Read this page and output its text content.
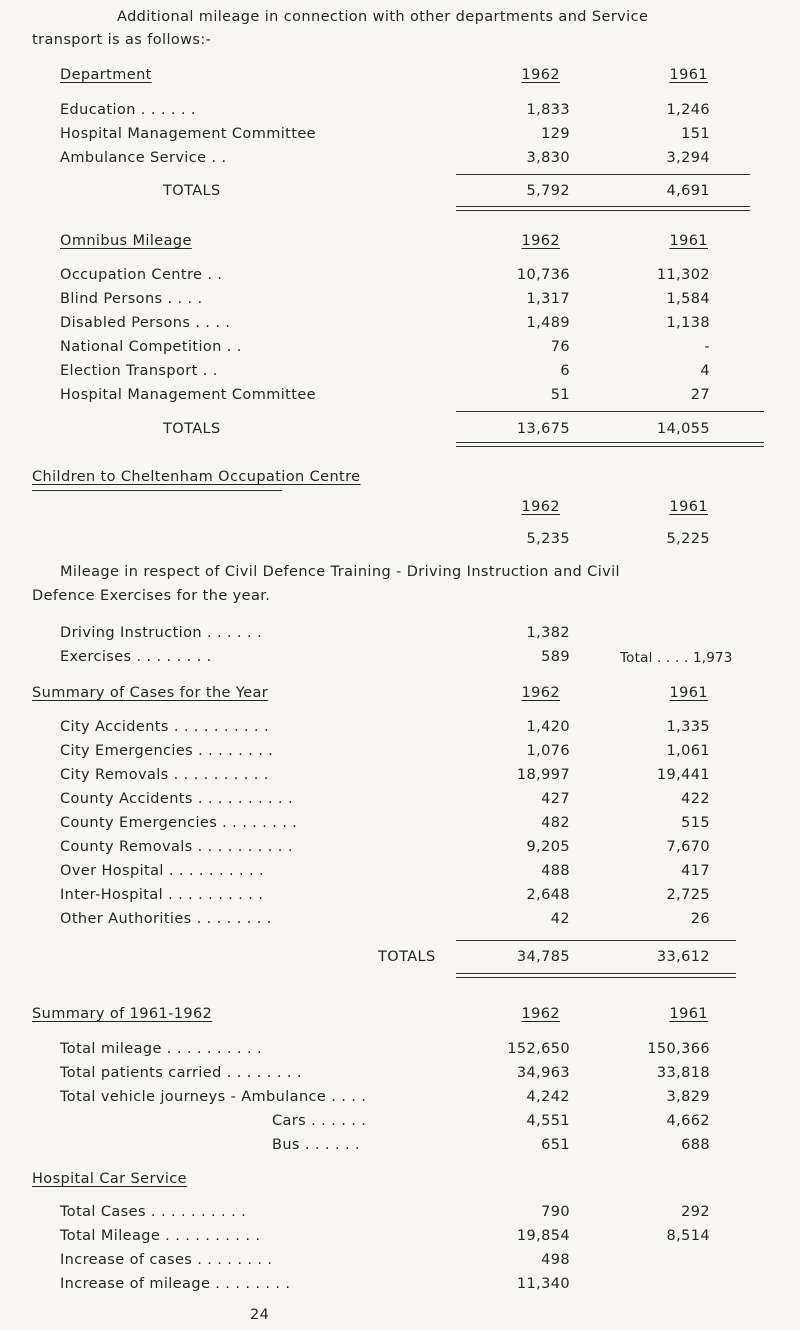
Additional mileage in connection with other departments and Service
transport is as follows:-
Department	1962	1961
Education . . . . . .	1,833	1,246
Hospital Management Committee	129	151
Ambulance Service . .	3,830	3,294
TOTALS	5,792	4,691
Omnibus Mileage	1962	1961
Occupation Centre . .	10,736	11,302
Blind Persons . . . .	1,317	1,584
Disabled Persons . . . .	1,489	1,138
National Competition . .	76	-
Election Transport . .	6	4
Hospital Management Committee	51	27
TOTALS	13,675	14,055
Children to Cheltenham Occupation Centre
1962	1961
5,235	5,225
Mileage in respect of Civil Defence Training - Driving Instruction and Civil
Defence Exercises for the year.
Driving Instruction . . . . . .	1,382
Exercises . . . . . . . .	589	Total . . . . 1,973
Summary of Cases for the Year	1962	1961
City Accidents . . . . . . . . . .	1,420	1,335
City Emergencies . . . . . . . .	1,076	1,061
City Removals . . . . . . . . . .	18,997	19,441
County Accidents . . . . . . . . . .	427	422
County Emergencies . . . . . . . .	482	515
County Removals . . . . . . . . . .	9,205	7,670
Over Hospital . . . . . . . . . .	488	417
Inter-Hospital . . . . . . . . . .	2,648	2,725
Other Authorities . . . . . . . .	42	26
TOTALS	34,785	33,612
Summary of 1961-1962	1962	1961
Total mileage . . . . . . . . . .	152,650	150,366
Total patients carried . . . . . . . .	34,963	33,818
Total vehicle journeys - Ambulance . . . .	4,242	3,829
Cars . . . . . .	4,551	4,662
Bus . . . . . .	651	688
Hospital Car Service
Total Cases . . . . . . . . . .	790	292
Total Mileage . . . . . . . . . .	19,854	8,514
Increase of cases . . . . . . . .	498
Increase of mileage . . . . . . . .	11,340
24
